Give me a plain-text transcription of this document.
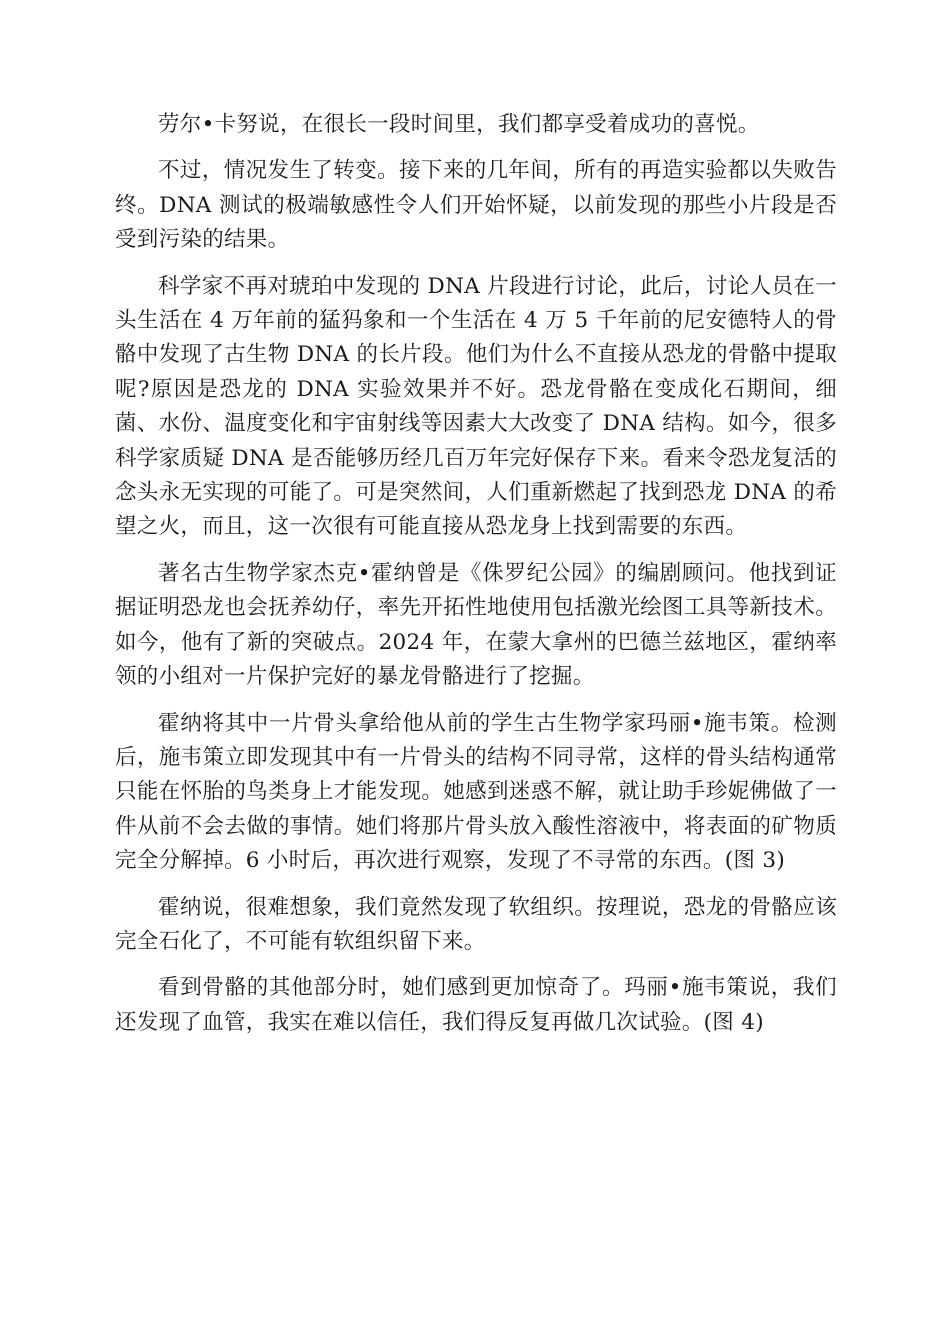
劳尔•卡努说，在很长一段时间里，我们都享受着成功的喜悦。

不过，情况发生了转变。接下来的几年间，所有的再造实验都以失败告终。DNA 测试的极端敏感性令人们开始怀疑，以前发现的那些小片段是否受到污染的结果。

科学家不再对琥珀中发现的 DNA 片段进行讨论，此后，讨论人员在一头生活在 4 万年前的猛犸象和一个生活在 4 万 5 千年前的尼安德特人的骨骼中发现了古生物 DNA 的长片段。他们为什么不直接从恐龙的骨骼中提取呢?原因是恐龙的 DNA 实验效果并不好。恐龙骨骼在变成化石期间，细菌、水份、温度变化和宇宙射线等因素大大改变了 DNA 结构。如今，很多科学家质疑 DNA 是否能够历经几百万年完好保存下来。看来令恐龙复活的念头永无实现的可能了。可是突然间，人们重新燃起了找到恐龙 DNA 的希望之火，而且，这一次很有可能直接从恐龙身上找到需要的东西。

著名古生物学家杰克•霍纳曾是《侏罗纪公园》的编剧顾问。他找到证据证明恐龙也会抚养幼仔，率先开拓性地使用包括激光绘图工具等新技术。如今，他有了新的突破点。2024 年，在蒙大拿州的巴德兰兹地区，霍纳率领的小组对一片保护完好的暴龙骨骼进行了挖掘。

霍纳将其中一片骨头拿给他从前的学生古生物学家玛丽•施韦策。检测后，施韦策立即发现其中有一片骨头的结构不同寻常，这样的骨头结构通常只能在怀胎的鸟类身上才能发现。她感到迷惑不解，就让助手珍妮佛做了一件从前不会去做的事情。她们将那片骨头放入酸性溶液中，将表面的矿物质完全分解掉。6 小时后，再次进行观察，发现了不寻常的东西。(图 3)

霍纳说，很难想象，我们竟然发现了软组织。按理说，恐龙的骨骼应该完全石化了，不可能有软组织留下来。

看到骨骼的其他部分时，她们感到更加惊奇了。玛丽•施韦策说，我们还发现了血管，我实在难以信任，我们得反复再做几次试验。(图 4)
